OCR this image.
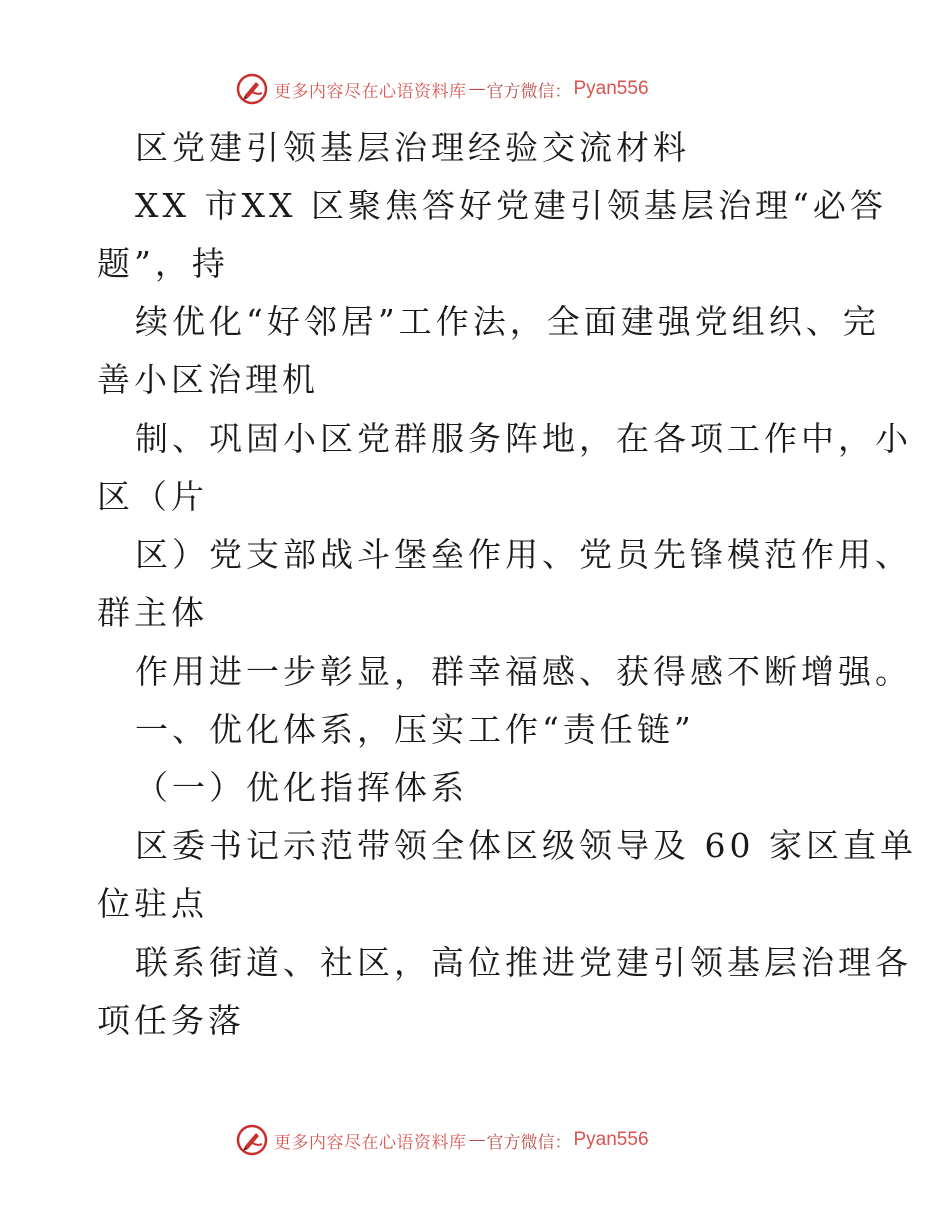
更多内容尽在心语资料库 — 官方微信： Pyan556
区党建引领基层治理经验交流材料
XX 市XX 区聚焦答好党建引领基层治理“必答
题”，持
续优化“好邻居”工作法，全面建强党组织、完
善小区治理机
制、巩固小区党群服务阵地，在各项工作中，小
区（片
区）党支部战斗堡垒作用、党员先锋模范作用、
群主体
作用进一步彰显，群幸福感、获得感不断增强。
一、优化体系，压实工作“责任链”
（一）优化指挥体系
区委书记示范带领全体区级领导及 60 家区直单
位驻点
联系街道、社区，高位推进党建引领基层治理各
项任务落
更多内容尽在心语资料库 — 官方微信： Pyan556
